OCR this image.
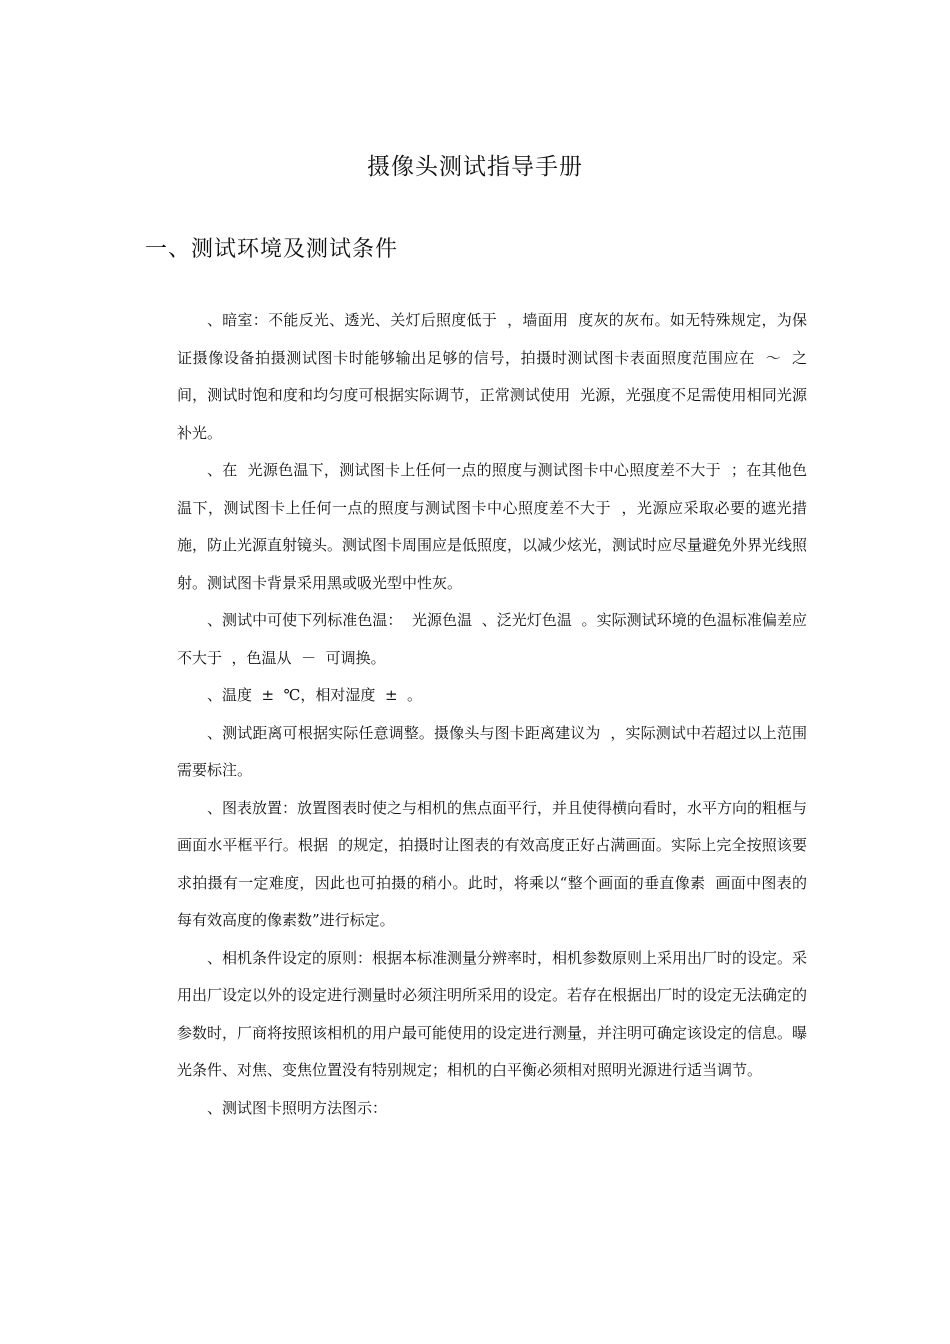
摄像头测试指导手册
一、测试环境及测试条件

、暗室：不能反光、透光、关灯后照度低于  ，墙面用  度灰的灰布。如无特殊规定，为保证摄像设备拍摄测试图卡时能够输出足够的信号，拍摄时测试图卡表面照度范围应在  ～  之间，测试时饱和度和均匀度可根据实际调节，正常测试使用  光源，光强度不足需使用相同光源补光。

、在  光源色温下，测试图卡上任何一点的照度与测试图卡中心照度差不大于  ；在其他色温下，测试图卡上任何一点的照度与测试图卡中心照度差不大于  ，光源应采取必要的遮光措施，防止光源直射镜头。测试图卡周围应是低照度，以减少炫光，测试时应尽量避免外界光线照射。测试图卡背景采用黑或吸光型中性灰。

、测试中可使下列标准色温：  光源色温  、泛光灯色温  。实际测试环境的色温标准偏差应不大于  ，色温从  －  可调换。

、温度  ±  ℃，相对湿度  ±  。

、测试距离可根据实际任意调整。摄像头与图卡距离建议为  ，实际测试中若超过以上范围需要标注。

、图表放置：放置图表时使之与相机的焦点面平行，并且使得横向看时，水平方向的粗框与画面水平框平行。根据  的规定，拍摄时让图表的有效高度正好占满画面。实际上完全按照该要求拍摄有一定难度，因此也可拍摄的稍小。此时，将乘以“整个画面的垂直像素  画面中图表的每有效高度的像素数”进行标定。

、相机条件设定的原则：根据本标准测量分辨率时，相机参数原则上采用出厂时的设定。采用出厂设定以外的设定进行测量时必须注明所采用的设定。若存在根据出厂时的设定无法确定的参数时，厂商将按照该相机的用户最可能使用的设定进行测量，并注明可确定该设定的信息。曝光条件、对焦、变焦位置没有特别规定；相机的白平衡必须相对照明光源进行适当调节。

、测试图卡照明方法图示：
